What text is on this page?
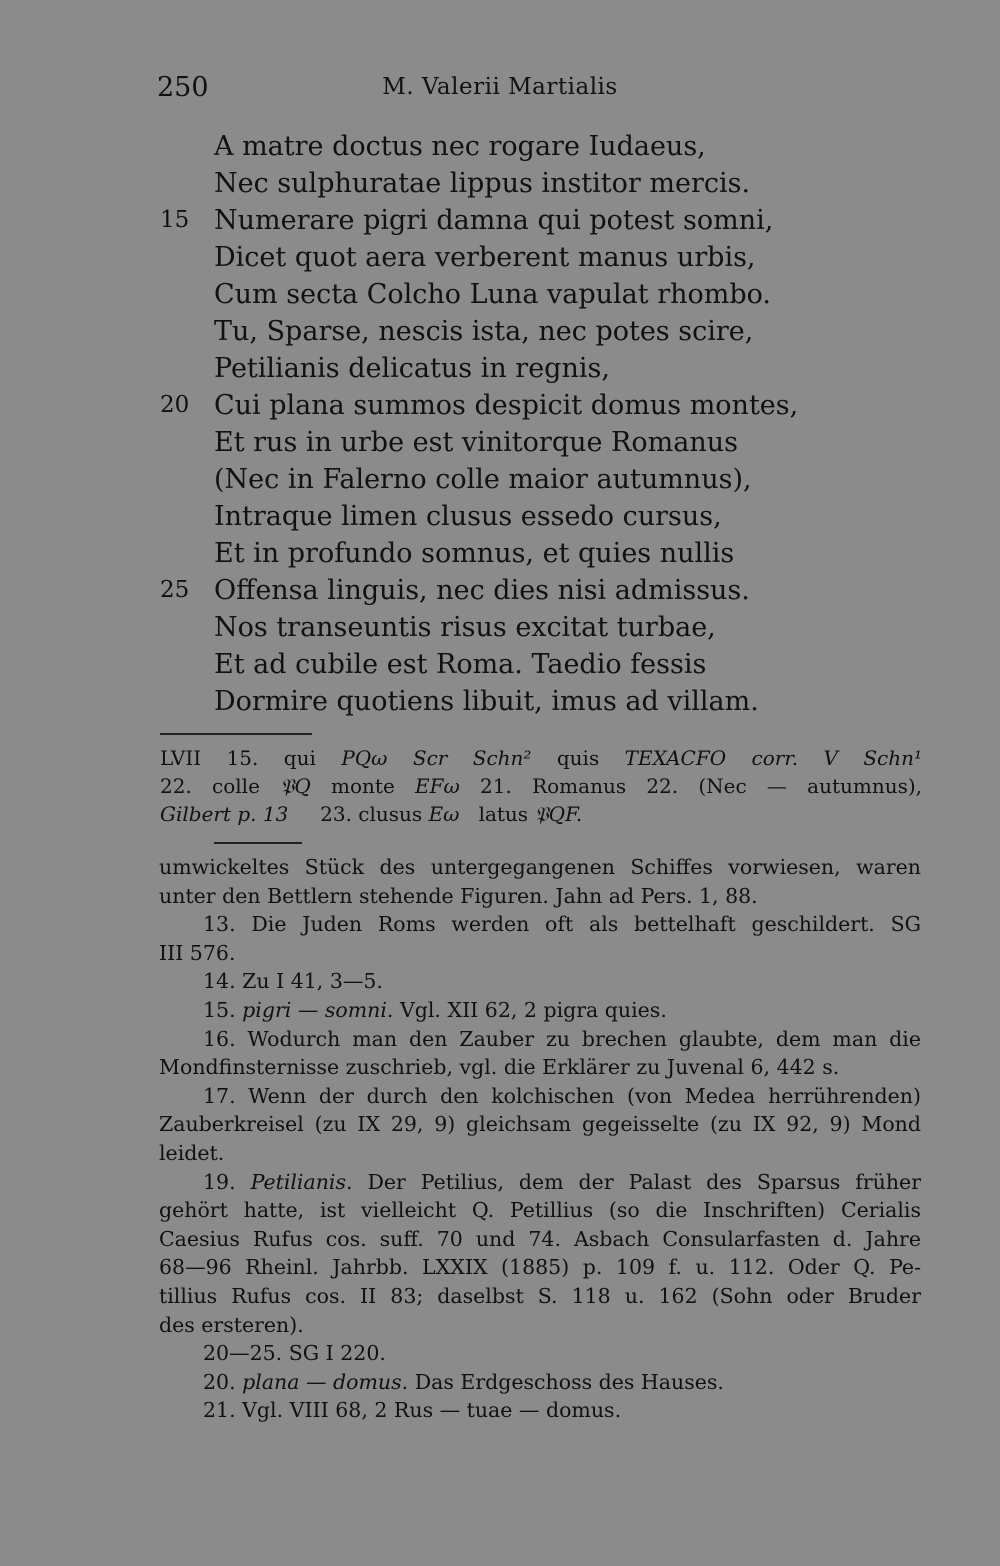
250	M. Valerii Martialis
A matre doctus nec rogare Iudaeus,
Nec sulphuratae lippus institor mercis.
15 Numerare pigri damna qui potest somni,
Dicet quot aera verberent manus urbis,
Cum secta Colcho Luna vapulat rhombo.
Tu, Sparse, nescis ista, nec potes scire,
Petilianis delicatus in regnis,
20 Cui plana summos despicit domus montes,
Et rus in urbe est vinitorque Romanus
(Nec in Falerno colle maior autumnus),
Intraque limen clusus essedo cursus,
Et in profundo somnus, et quies nullis
25 Offensa linguis, nec dies nisi admissus.
Nos transeuntis risus excitat turbae,
Et ad cubile est Roma. Taedio fessis
Dormire quotiens libuit, imus ad villam.
LVII 15. qui PQω Scr Schn² quis TEXACFO corr. V Schn¹
22. colle 𝔓Q monte EFω 21. Romanus 22. (Nec — autumnus),
Gilbert p. 13 23. clusus Eω latus 𝔓QF.
umwickeltes Stück des untergegangenen Schiffes vorwiesen, waren
unter den Bettlern stehende Figuren. Jahn ad Pers. 1, 88.
13. Die Juden Roms werden oft als bettelhaft geschildert. SG
III 576.
14. Zu I 41, 3—5.
15. pigri — somni. Vgl. XII 62, 2 pigra quies.
16. Wodurch man den Zauber zu brechen glaubte, dem man die
Mondfinsternisse zuschrieb, vgl. die Erklärer zu Juvenal 6, 442 s.
17. Wenn der durch den kolchischen (von Medea herrührenden)
Zauberkreisel (zu IX 29, 9) gleichsam gegeisselte (zu IX 92, 9) Mond
leidet.
19. Petilianis. Der Petilius, dem der Palast des Sparsus früher
gehört hatte, ist vielleicht Q. Petillius (so die Inschriften) Cerialis
Caesius Rufus cos. suff. 70 und 74. Asbach Consularfasten d. Jahre
68—96 Rheinl. Jahrbb. LXXIX (1885) p. 109 f. u. 112. Oder Q. Pe-
tillius Rufus cos. II 83; daselbst S. 118 u. 162 (Sohn oder Bruder
des ersteren).
20—25. SG I 220.
20. plana — domus. Das Erdgeschoss des Hauses.
21. Vgl. VIII 68, 2 Rus — tuae — domus.
